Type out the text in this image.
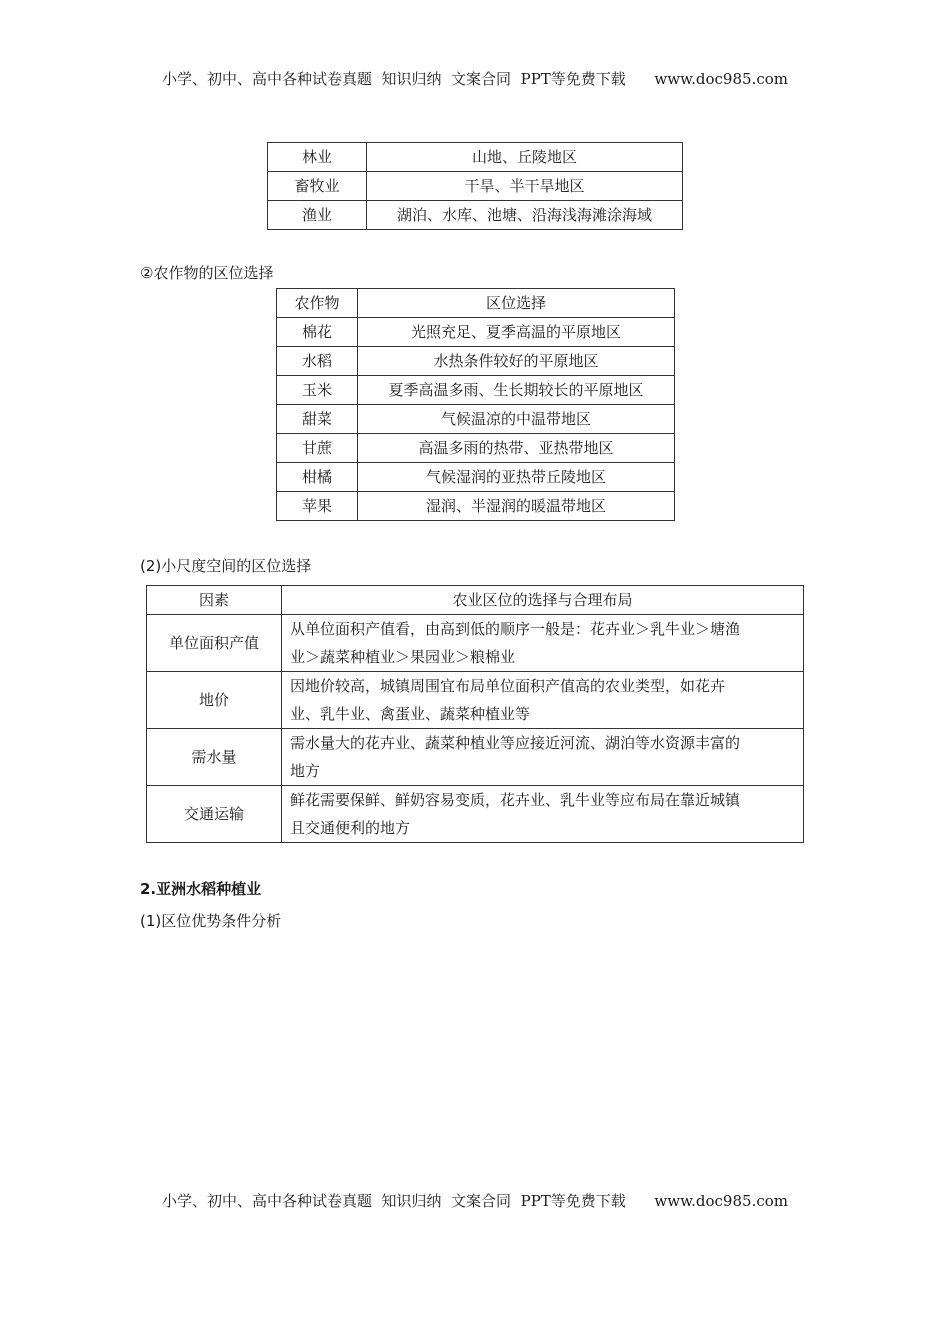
小学、初中、高中各种试卷真题  知识归纳  文案合同  PPT等免费下载      www.doc985.com
林业	山地、丘陵地区
畜牧业	干旱、半干旱地区
渔业	湖泊、水库、池塘、沿海浅海滩涂海域
②农作物的区位选择
农作物	区位选择
棉花	光照充足、夏季高温的平原地区
水稻	水热条件较好的平原地区
玉米	夏季高温多雨、生长期较长的平原地区
甜菜	气候温凉的中温带地区
甘蔗	高温多雨的热带、亚热带地区
柑橘	气候湿润的亚热带丘陵地区
苹果	湿润、半湿润的暖温带地区
(2)小尺度空间的区位选择
因素	农业区位的选择与合理布局
单位面积产值	从单位面积产值看，由高到低的顺序一般是：花卉业＞乳牛业＞塘渔
业＞蔬菜种植业＞果园业＞粮棉业

地价	因地价较高，城镇周围宜布局单位面积产值高的农业类型，如花卉
业、乳牛业、禽蛋业、蔬菜种植业等

需水量	需水量大的花卉业、蔬菜种植业等应接近河流、湖泊等水资源丰富的
地方

交通运输	鲜花需要保鲜、鲜奶容易变质，花卉业、乳牛业等应布局在靠近城镇
且交通便利的地方
2.亚洲水稻种植业
(1)区位优势条件分析
小学、初中、高中各种试卷真题  知识归纳  文案合同  PPT等免费下载      www.doc985.com
